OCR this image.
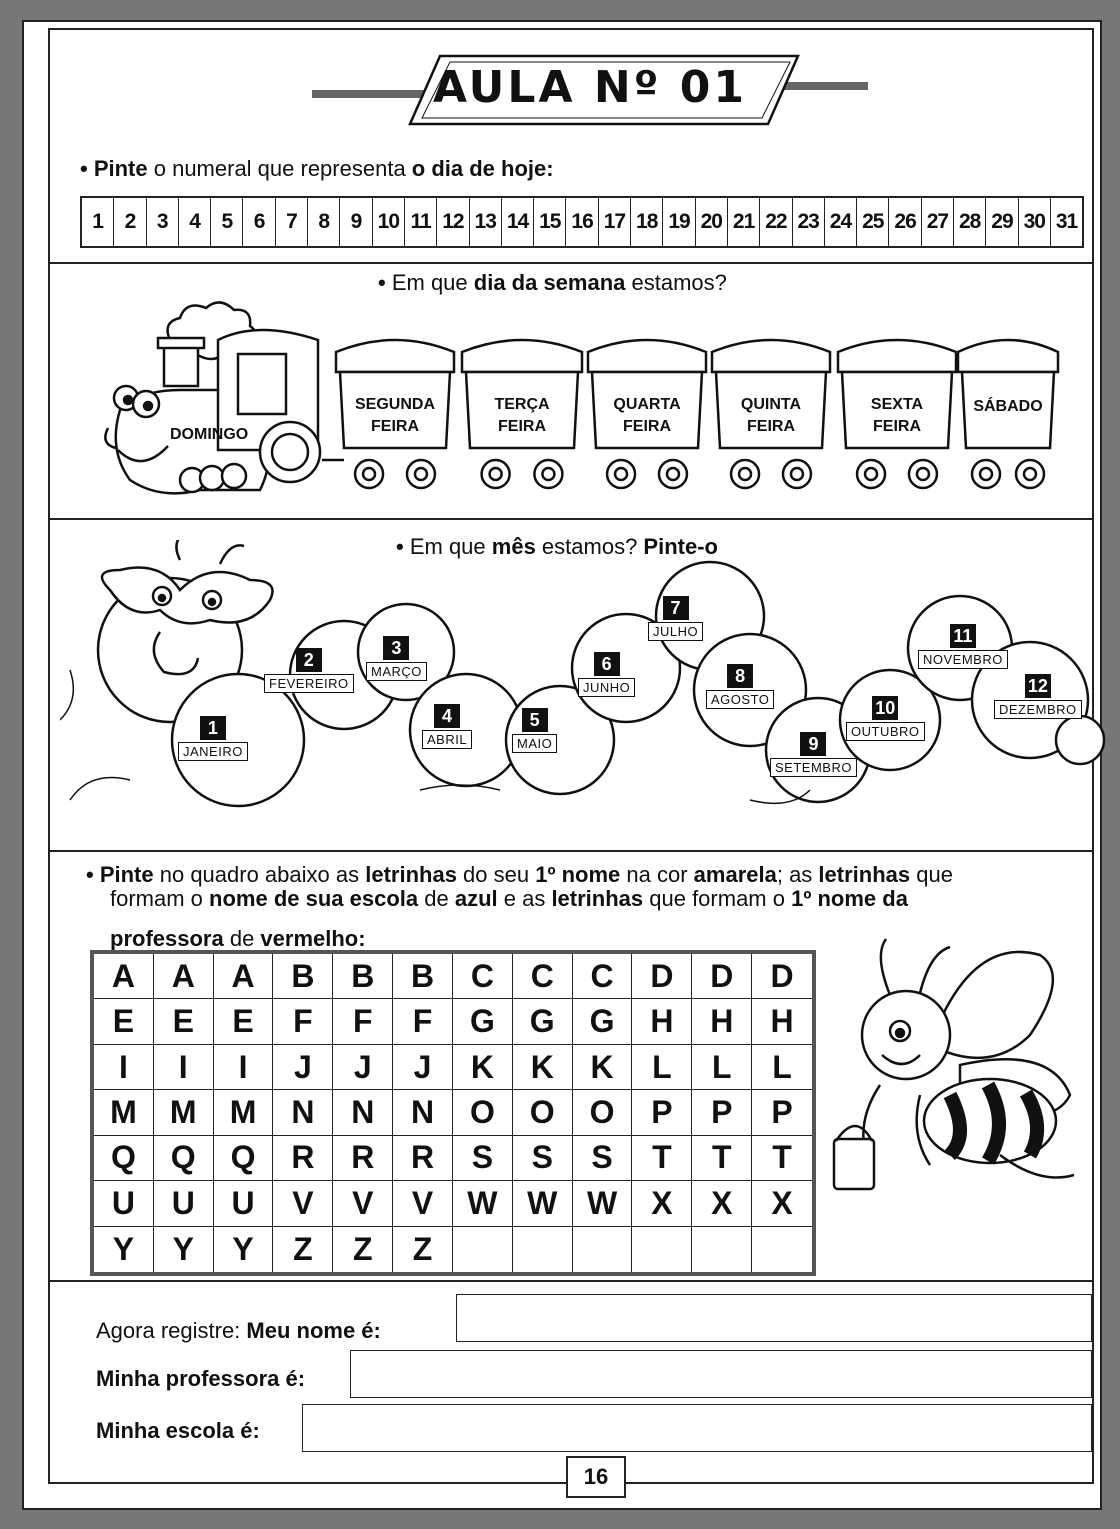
AULA Nº 01
• Pinte o numeral que representa o dia de hoje:
1	2	3	4	5	6	7	8	9 10 11 12 13 14 15 16 17 18 19 20 21 22 23 24 25 26 27 28 29 30 31
• Em que dia da semana estamos?
DOMINGO
SEGUNDA
FEIRA
TERÇA
FEIRA
QUARTA
FEIRA
QUINTA
FEIRA
SEXTA
FEIRA
SÁBADO
• Em que mês estamos? Pinte-o
1
JANEIRO
2
FEVEREIRO
3
MARÇO
4
ABRIL
5
MAIO
6
JUNHO
7
JULHO
8
AGOSTO
9
SETEMBRO
10
OUTUBRO
11
NOVEMBRO
12
DEZEMBRO
• Pinte no quadro abaixo as letrinhas do seu 1º nome na cor amarela; as letrinhas que
formam o nome de sua escola de azul e as letrinhas que formam o 1º nome da
professora de vermelho:
A	A	A	B	B	B	C	C	C	D	D	D
E	E	E	F	F	F	G	G	G	H	H	H
I	I	I	J	J	J	K	K	K	L	L	L
M	M	M	N	N	N	O	O	O	P	P	P
Q	Q	Q	R	R	R	S	S	S	T	T	T
U	U	U	V	V	V	W W W	X	X	X
Y	Y	Y	Z	Z	Z
Agora registre: Meu nome é:
Minha professora é:
Minha escola é:
16
